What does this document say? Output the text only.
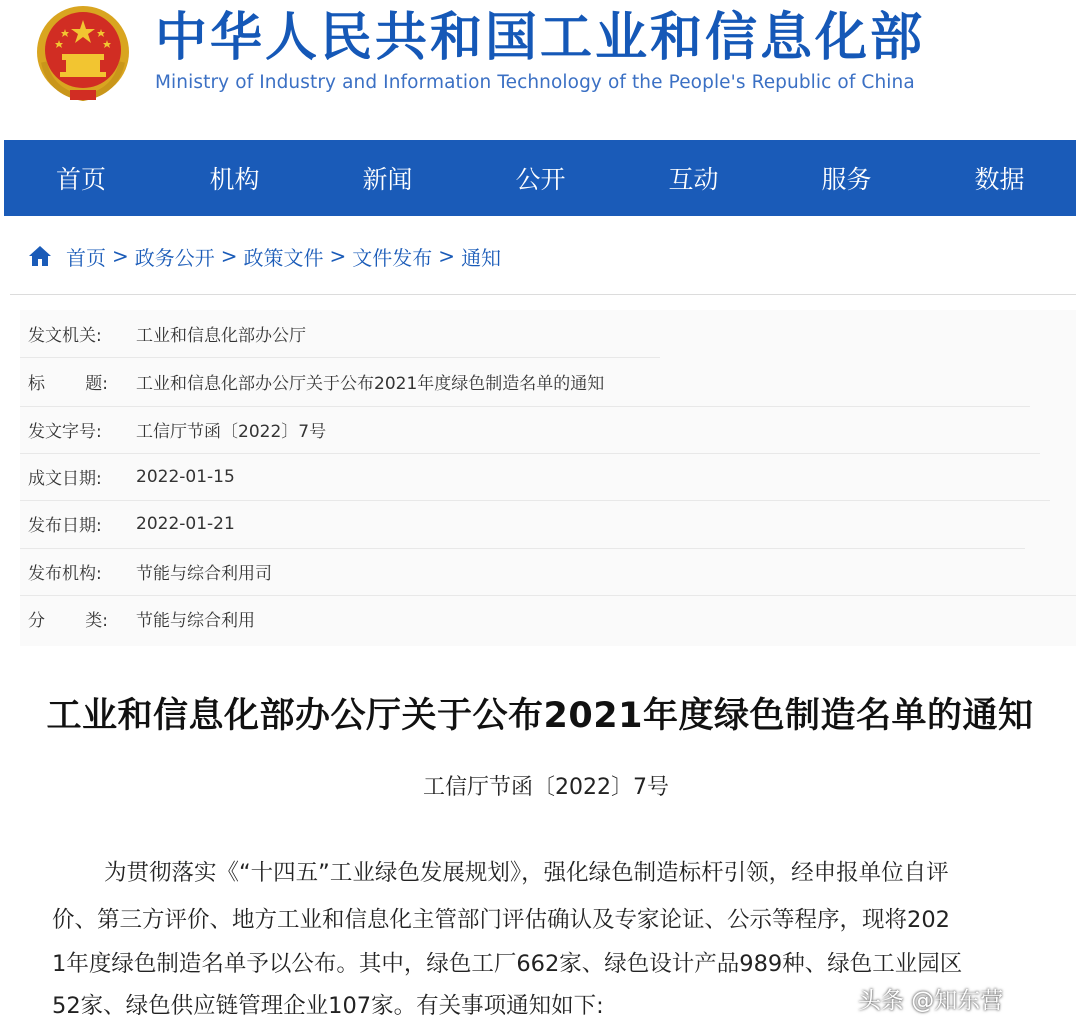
中华人民共和国工业和信息化部
Ministry of Industry and Information Technology of the People's Republic of China
首页	机构	新闻	公开	互动	服务	数据
首页 > 政务公开 > 政策文件 > 文件发布 > 通知
发文机关: 工业和信息化部办公厅
标 题: 工业和信息化部办公厅关于公布2021年度绿色制造名单的通知
发文字号: 工信厅节函〔2022〕7号
成文日期: 2022-01-15
发布日期: 2022-01-21
发布机构: 节能与综合利用司
分 类: 节能与综合利用
工业和信息化部办公厅关于公布2021年度绿色制造名单的通知
工信厅节函〔2022〕7号
为贯彻落实《“十四五”工业绿色发展规划》，强化绿色制造标杆引领，经申报单位自评
价、第三方评价、地方工业和信息化主管部门评估确认及专家论证、公示等程序，现将202
1年度绿色制造名单予以公布。其中，绿色工厂662家、绿色设计产品989种、绿色工业园区
52家、绿色供应链管理企业107家。有关事项通知如下:	头条 @知东营
